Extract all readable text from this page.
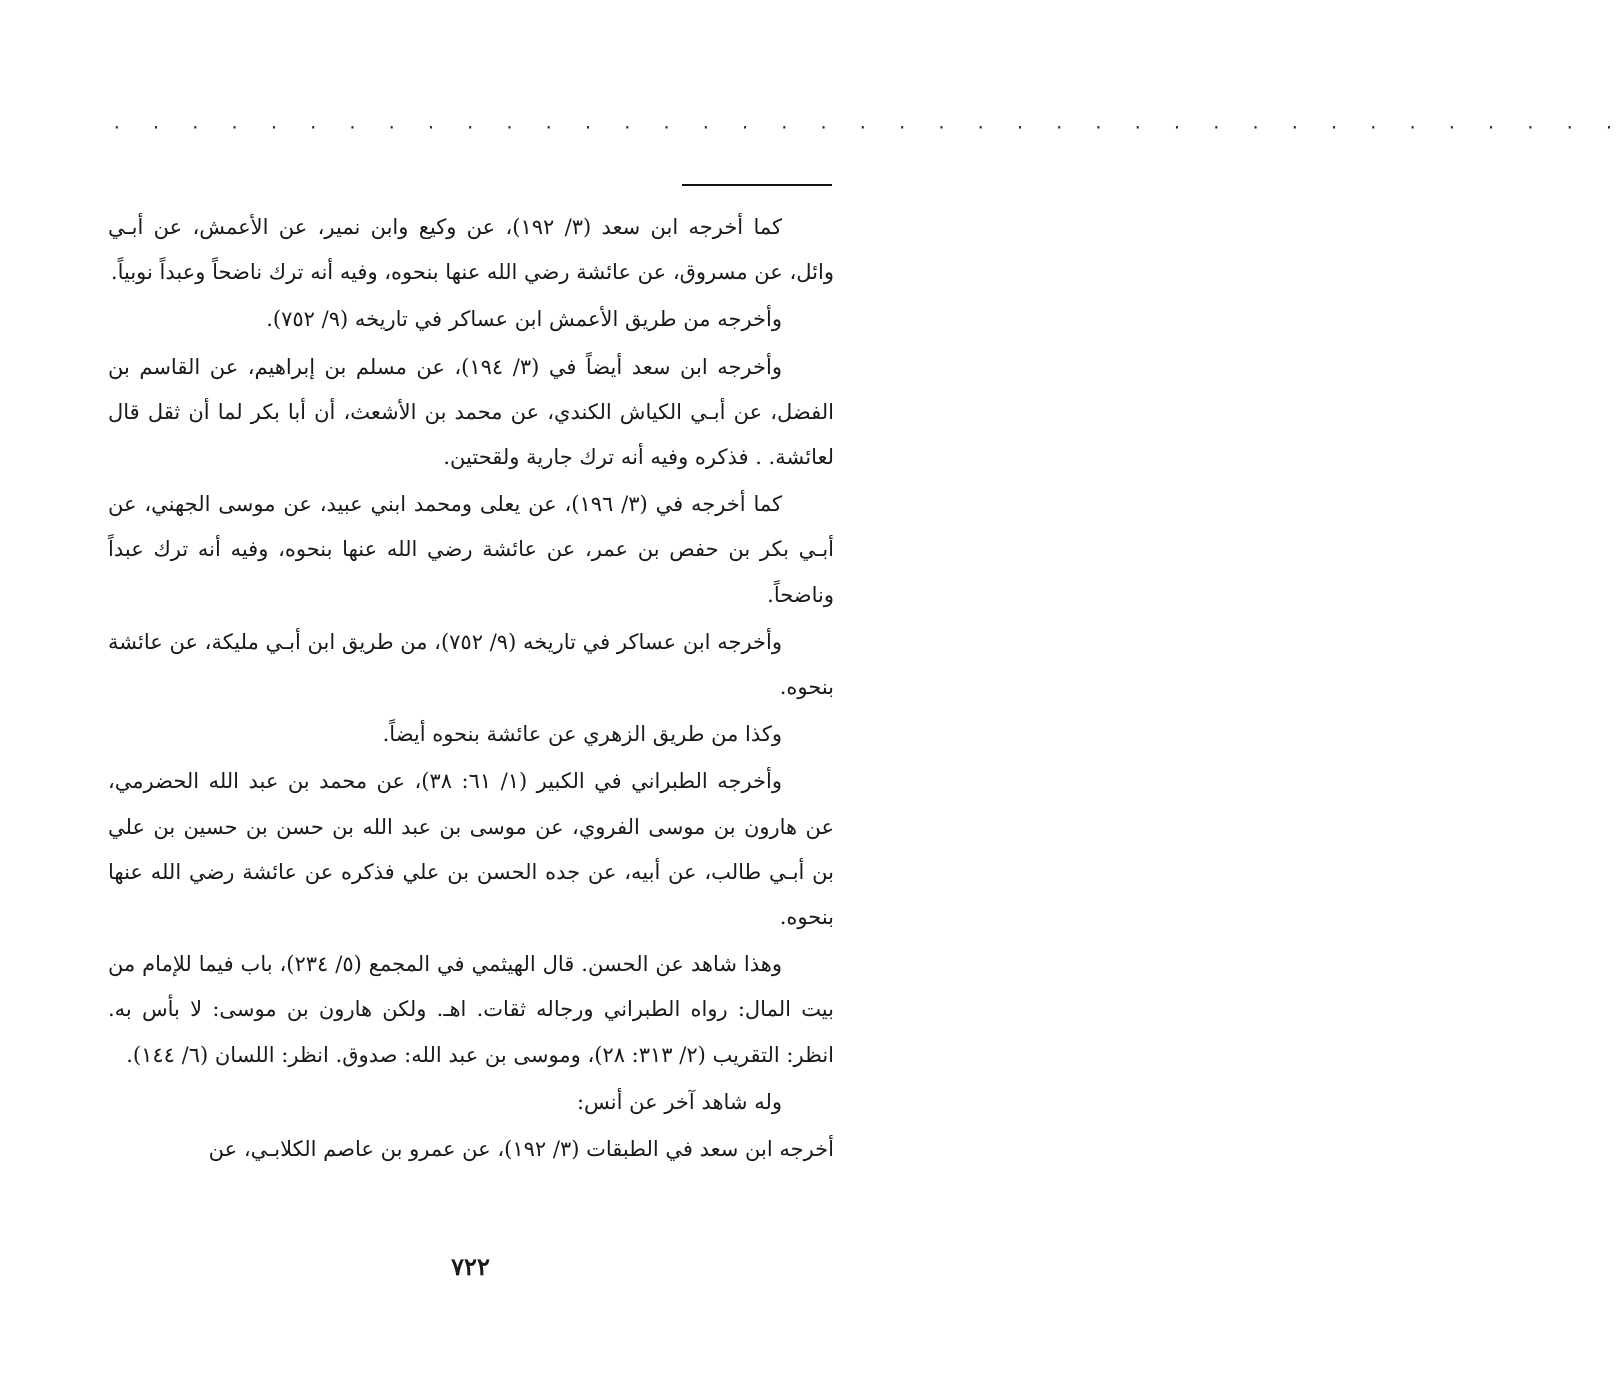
· · · · · · · · · · · · · · · · · · · · · · · · · · · · · · · · · · · · · · ·

كما أخرجه ابن سعد (٣/ ١٩٢)، عن وكيع وابن نمير، عن الأعمش، عن أبـي وائل، عن مسروق، عن عائشة رضي الله عنها بنحوه، وفيه أنه ترك ناضحاً وعبداً نوبياً.

وأخرجه من طريق الأعمش ابن عساكر في تاريخه (٩/ ٧٥٢).

وأخرجه ابن سعد أيضاً في (٣/ ١٩٤)، عن مسلم بن إبراهيم، عن القاسم بن الفضل، عن أبـي الكياش الكندي، عن محمد بن الأشعث، أن أبا بكر لما أن ثقل قال لعائشة. . فذكره وفيه أنه ترك جارية ولقحتين.

كما أخرجه في (٣/ ١٩٦)، عن يعلى ومحمد ابني عبيد، عن موسى الجهني، عن أبـي بكر بن حفص بن عمر، عن عائشة رضي الله عنها بنحوه، وفيه أنه ترك عبداً وناضحاً.

وأخرجه ابن عساكر في تاريخه (٩/ ٧٥٢)، من طريق ابن أبـي مليكة، عن عائشة بنحوه.

وكذا من طريق الزهري عن عائشة بنحوه أيضاً.

وأخرجه الطبراني في الكبير (١/ ٦١: ٣٨)، عن محمد بن عبد الله الحضرمي، عن هارون بن موسى الفروي، عن موسى بن عبد الله بن حسن بن حسين بن علي بن أبـي طالب، عن أبيه، عن جده الحسن بن علي فذكره عن عائشة رضي الله عنها بنحوه.

وهذا شاهد عن الحسن. قال الهيثمي في المجمع (٥/ ٢٣٤)، باب فيما للإمام من بيت المال: رواه الطبراني ورجاله ثقات. اهـ. ولكن هارون بن موسى: لا بأس به. انظر: التقريب (٢/ ٣١٣: ٢٨)، وموسى بن عبد الله: صدوق. انظر: اللسان (٦/ ١٤٤).

وله شاهد آخر عن أنس:

أخرجه ابن سعد في الطبقات (٣/ ١٩٢)، عن عمرو بن عاصم الكلابـي، عن

٧٢٢
